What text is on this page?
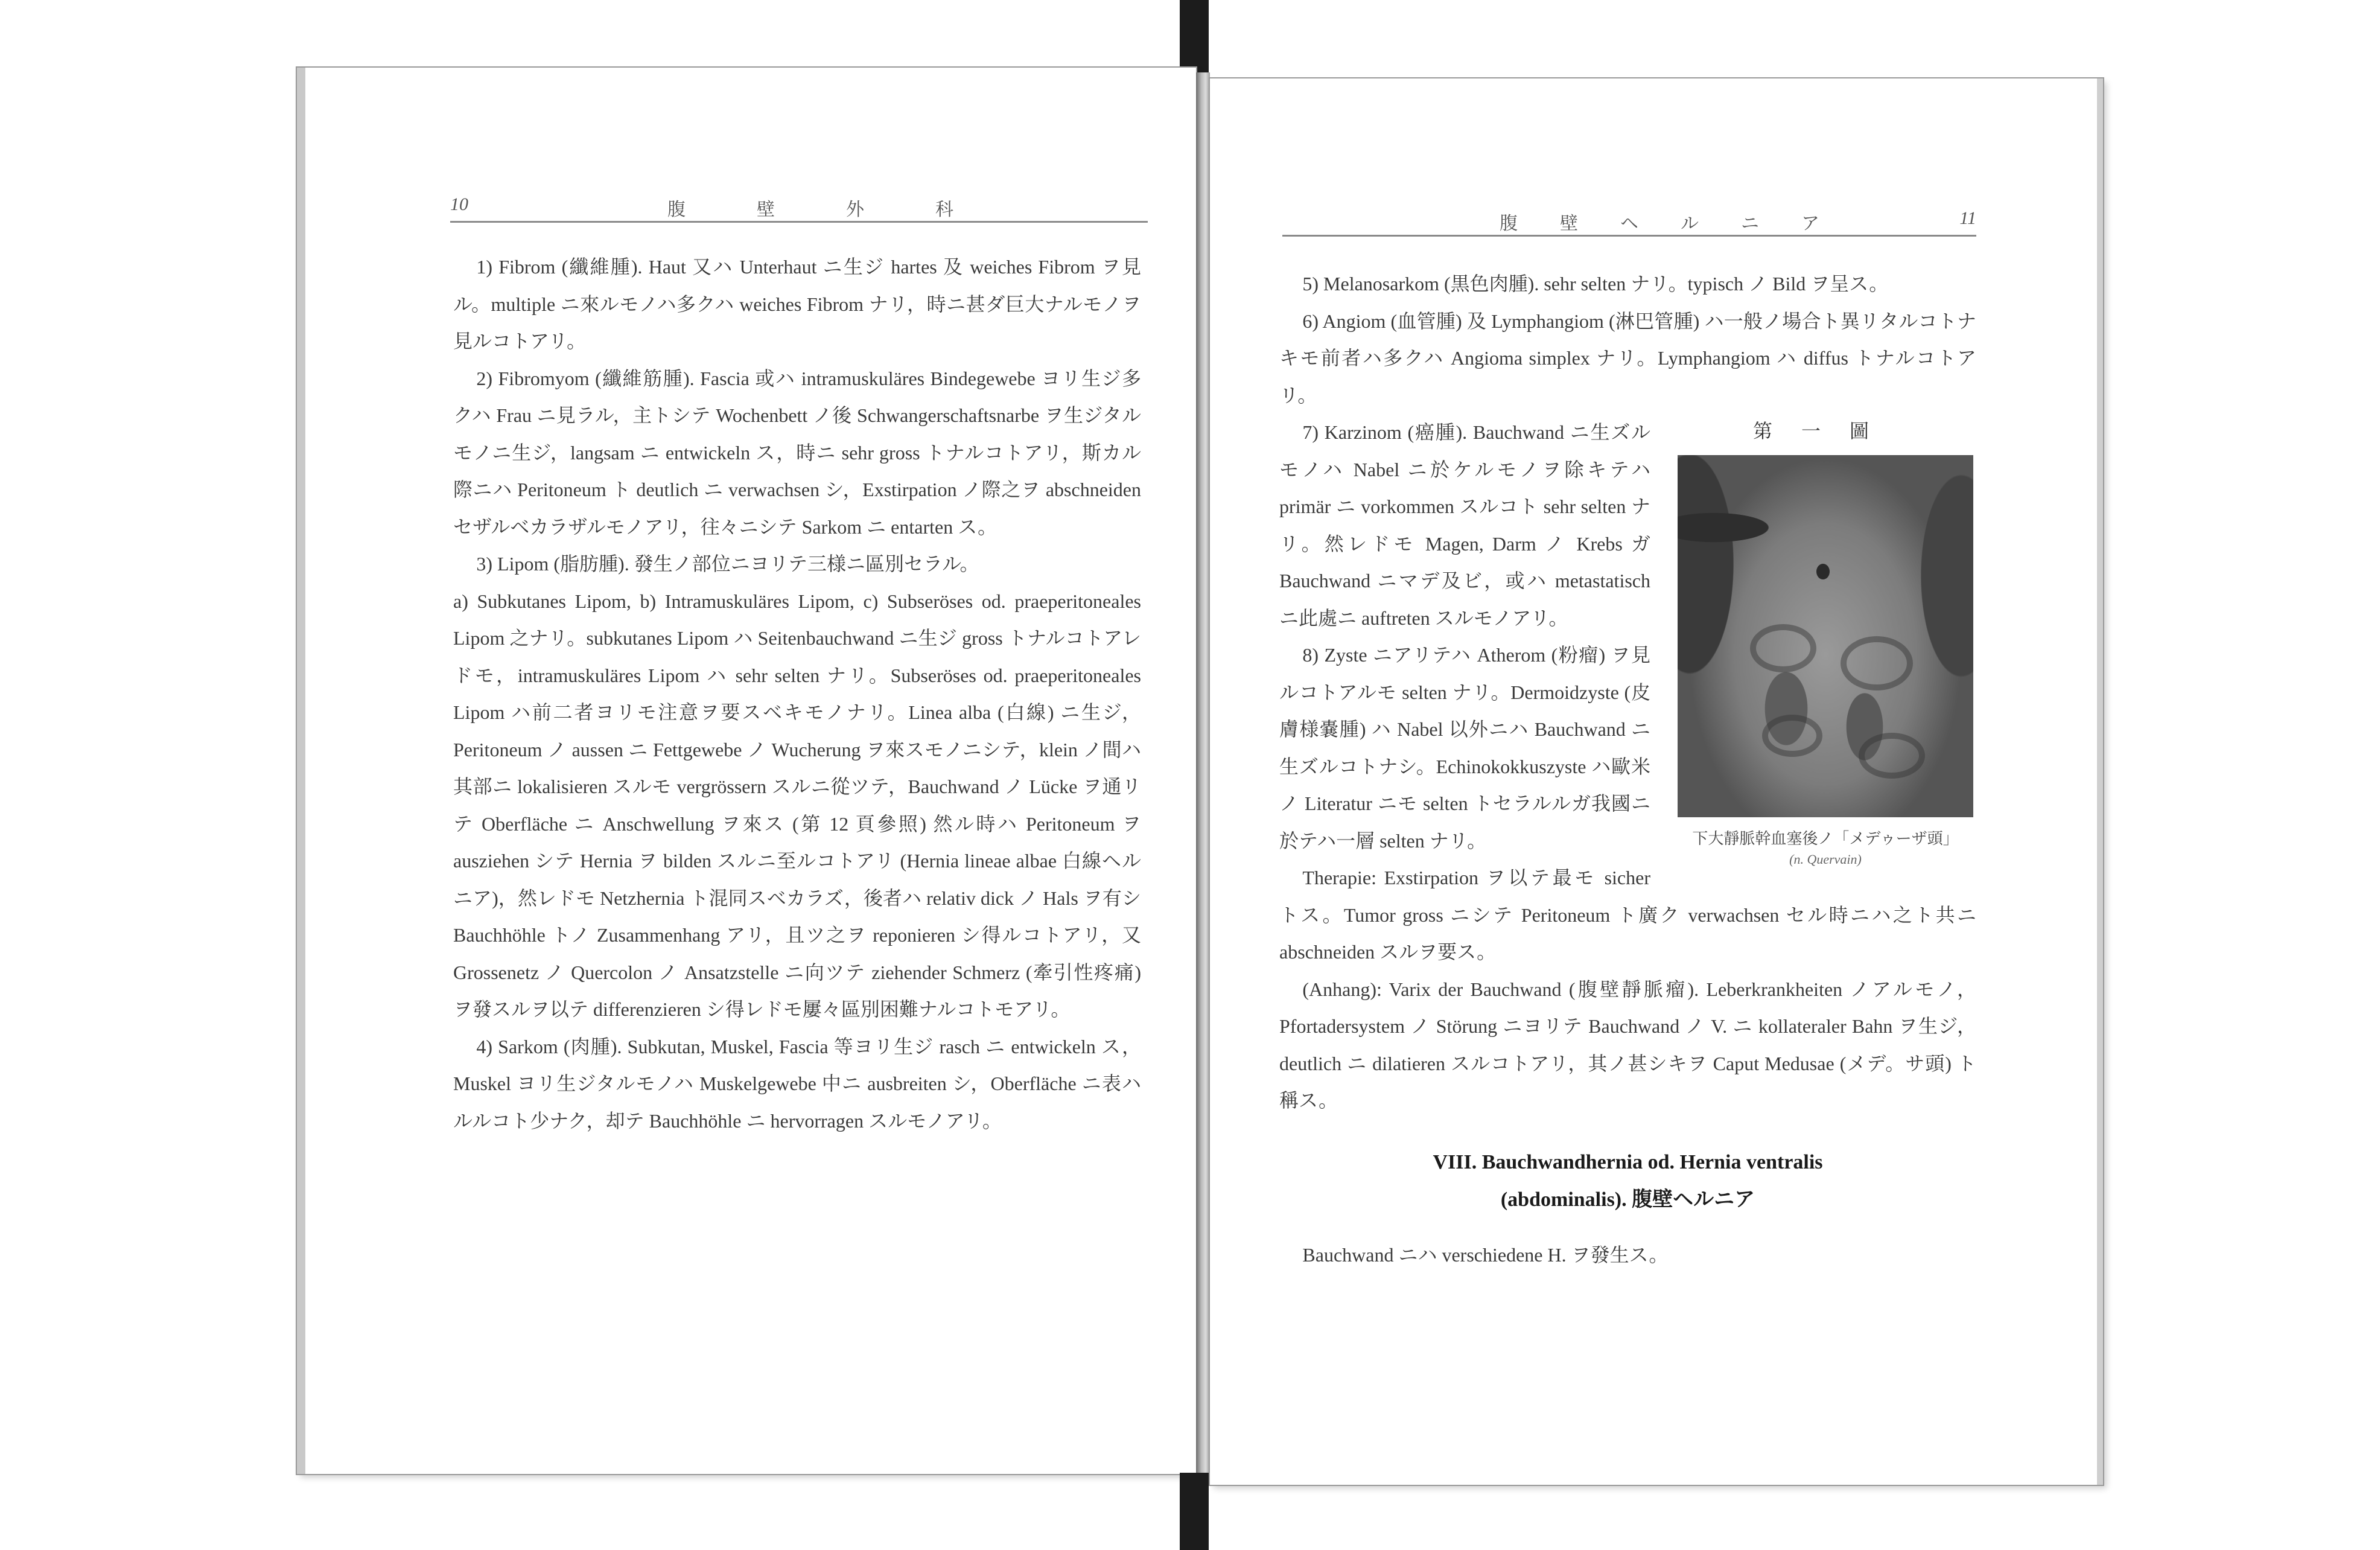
10	腹壁外科

1) Fibrom (纖維腫). Haut 又ハ Unterhaut ニ生ジ hartes 及 weiches Fibrom ヲ見ル。multiple ニ來ルモノハ多クハ weiches Fibrom ナリ，時ニ甚ダ巨大ナルモノヲ見ルコトアリ。

2) Fibromyom (纖維筋腫). Fascia 或ハ intramuskuläres Bindegewebe ヨリ生ジ多クハ Frau ニ見ラル，主トシテ Wochenbett ノ後 Schwangerschaftsnarbe ヲ生ジタルモノニ生ジ，langsam ニ entwickeln ス，時ニ sehr gross トナルコトアリ，斯カル際ニハ Peritoneum ト deutlich ニ verwachsen シ，Exstirpation ノ際之ヲ abschneiden セザルベカラザルモノアリ，往々ニシテ Sarkom ニ entarten ス。

3) Lipom (脂肪腫). 發生ノ部位ニヨリテ三様ニ區別セラル。

a) Subkutanes Lipom, b) Intramuskuläres Lipom, c) Subseröses od. praeperitoneales Lipom 之ナリ。subkutanes Lipom ハ Seitenbauchwand ニ生ジ gross トナルコトアレドモ，intramuskuläres Lipom ハ sehr selten ナリ。Subseröses od. praeperitoneales Lipom ハ前二者ヨリモ注意ヲ要スベキモノナリ。Linea alba (白線) ニ生ジ，Peritoneum ノ aussen ニ Fettgewebe ノ Wucherung ヲ來スモノニシテ，klein ノ間ハ其部ニ lokalisieren スルモ vergrössern スルニ從ツテ，Bauchwand ノ Lücke ヲ通リテ Oberfläche ニ Anschwellung ヲ來ス (第 12 頁參照) 然ル時ハ Peritoneum ヲ ausziehen シテ Hernia ヲ bilden スルニ至ルコトアリ (Hernia lineae albae 白線ヘルニア)，然レドモ Netzhernia ト混同スベカラズ，後者ハ relativ dick ノ Hals ヲ有シ Bauchhöhle トノ Zusammenhang アリ，且ツ之ヲ reponieren シ得ルコトアリ，又 Grossenetz ノ Quercolon ノ Ansatzstelle ニ向ツテ ziehender Schmerz (牽引性疼痛) ヲ發スルヲ以テ differenzieren シ得レドモ屢々區別困難ナルコトモアリ。

4) Sarkom (肉腫). Subkutan, Muskel, Fascia 等ヨリ生ジ rasch ニ entwickeln ス，Muskel ヨリ生ジタルモノハ Muskelgewebe 中ニ ausbreiten シ，Oberfläche ニ表ハルルコト少ナク，却テ Bauchhöhle ニ hervorragen スルモノアリ。

腹壁ヘルニア	11

5) Melanosarkom (黒色肉腫). sehr selten ナリ。typisch ノ Bild ヲ呈ス。

6) Angiom (血管腫) 及 Lymphangiom (淋巴管腫) ハ一般ノ場合ト異リタルコトナキモ前者ハ多クハ Angioma simplex ナリ。Lymphangiom ハ diffus トナルコトアリ。

第一圖
下大靜脈幹血塞後ノ「メデゥーザ頭」
(n. Quervain)

7) Karzinom (癌腫). Bauchwand ニ生ズルモノハ Nabel ニ於ケルモノヲ除キテハ primär ニ vorkommen スルコト sehr selten ナリ。然レドモ Magen, Darm ノ Krebs ガ Bauchwand ニマデ及ビ，或ハ metastatisch ニ此處ニ auftreten スルモノアリ。

8) Zyste ニアリテハ Atherom (粉瘤) ヲ見ルコトアルモ selten ナリ。Dermoidzyste (皮膚様嚢腫) ハ Nabel 以外ニハ Bauchwand ニ生ズルコトナシ。Echinokokkuszyste ハ歐米ノ Literatur ニモ selten トセラルルガ我國ニ於テハ一層 selten ナリ。

Therapie: Exstirpation ヲ以テ最モ sicher トス。Tumor gross ニシテ Peritoneum ト廣ク verwachsen セル時ニハ之ト共ニ abschneiden スルヲ要ス。

(Anhang): Varix der Bauchwand (腹壁靜脈瘤). Leberkrankheiten ノアルモノ，Pfortadersystem ノ Störung ニヨリテ Bauchwand ノ V. ニ kollateraler Bahn ヲ生ジ，deutlich ニ dilatieren スルコトアリ，其ノ甚シキヲ Caput Medusae (メデ。サ頭) ト稱ス。

VIII. Bauchwandhernia od. Hernia ventralis
(abdominalis). 腹壁ヘルニア

Bauchwand ニハ verschiedene H. ヲ發生ス。
